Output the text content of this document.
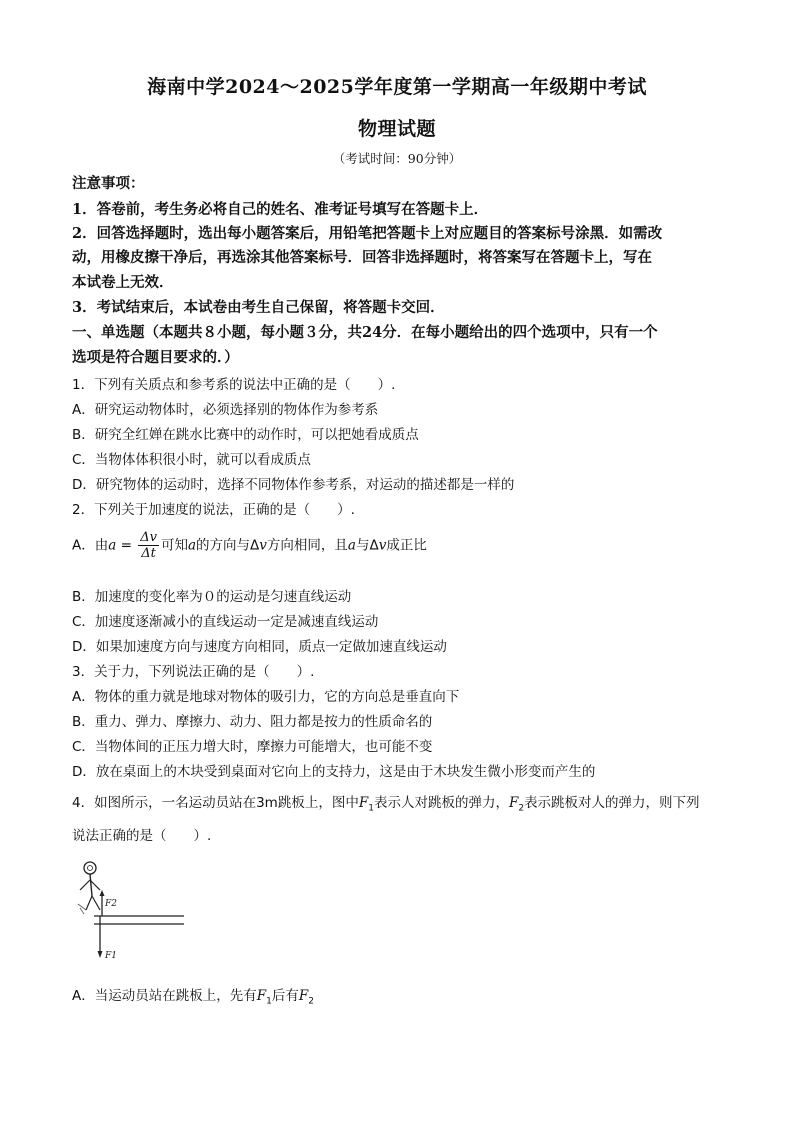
海南中学2024～2025学年度第一学期高一年级期中考试
物理试题
（考试时间：90分钟）
注意事项：
1．答卷前，考生务必将自己的姓名、准考证号填写在答题卡上．
2．回答选择题时，选出每小题答案后，用铅笔把答题卡上对应题目的答案标号涂黑．如需改
动，用橡皮擦干净后，再选涂其他答案标号．回答非选择题时，将答案写在答题卡上，写在
本试卷上无效．
3．考试结束后，本试卷由考生自己保留，将答题卡交回．
一、单选题（本题共８小题，每小题３分，共24分．在每小题给出的四个选项中，只有一个
选项是符合题目要求的．）
1．下列有关质点和参考系的说法中正确的是（　　）.
A．研究运动物体时，必须选择别的物体作为参考系
B．研究全红婵在跳水比赛中的动作时，可以把她看成质点
C．当物体体积很小时，就可以看成质点
D．研究物体的运动时，选择不同物体作参考系，对运动的描述都是一样的
2．下列关于加速度的说法，正确的是（　　）.
A．由$a = \frac{\Delta v}{\Delta t}$ 可知a的方向与Δv方向相同，且a与Δv成正比
B．加速度的变化率为０的运动是匀速直线运动
C．加速度逐渐减小的直线运动一定是减速直线运动
D．如果加速度方向与速度方向相同，质点一定做加速直线运动
3．关于力，下列说法正确的是（　　）.
A．物体的重力就是地球对物体的吸引力，它的方向总是垂直向下
B．重力、弹力、摩擦力、动力、阻力都是按力的性质命名的
C．当物体间的正压力增大时，摩擦力可能增大，也可能不变
D．放在桌面上的木块受到桌面对它向上的支持力，这是由于木块发生微小形变而产生的
4．如图所示，一名运动员站在3m跳板上，图中$F_1$表示人对跳板的弹力，$F_2$表示跳板对人的弹力，则下列
说法正确的是（　　）.
F2
F1
A．当运动员站在跳板上，先有$F_1$后有$F_2$
